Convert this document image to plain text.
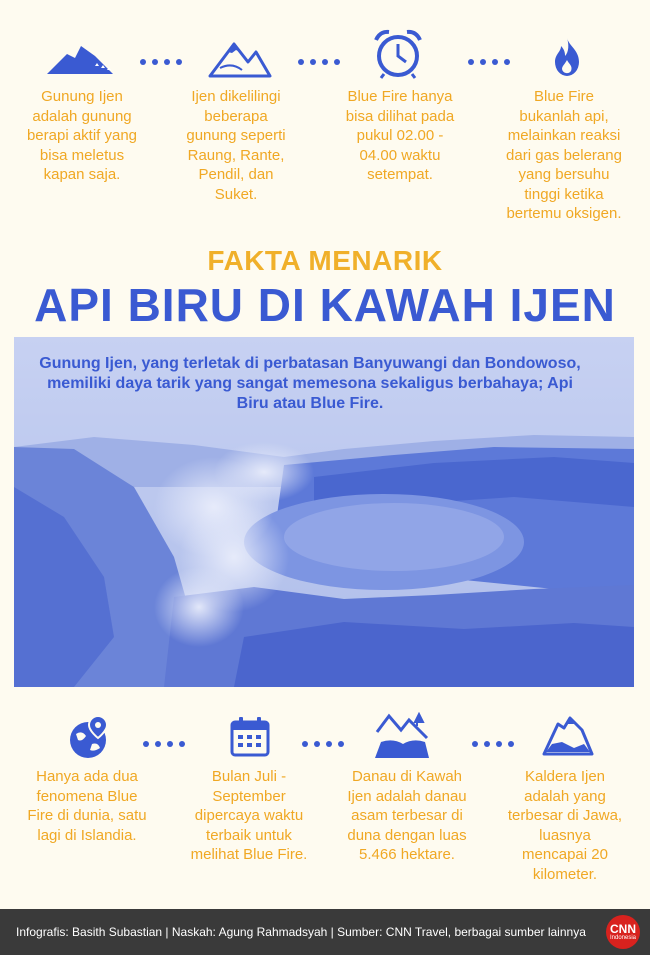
Gunung Ijen adalah gunung berapi aktif yang bisa meletus kapan saja.
Ijen dikelilingi beberapa gunung seperti Raung, Rante, Pendil, dan Suket.
Blue Fire hanya bisa dilihat pada pukul 02.00 - 04.00 waktu setempat.
Blue Fire bukanlah api, melainkan reaksi dari gas belerang yang bersuhu tinggi ketika bertemu oksigen.
FAKTA MENARIK
API BIRU DI KAWAH IJEN
Gunung Ijen, yang terletak di perbatasan Banyuwangi dan Bondowoso, memiliki daya tarik yang sangat memesona sekaligus berbahaya; Api Biru atau Blue Fire.
Hanya ada dua fenomena Blue Fire di dunia, satu lagi di Islandia.
Bulan Juli - September dipercaya waktu terbaik untuk melihat Blue Fire.
Danau di Kawah Ijen adalah danau asam terbesar di duna dengan luas 5.466 hektare.
Kaldera Ijen adalah yang terbesar di Jawa, luasnya mencapai 20 kilometer.
Infografis: Basith Subastian | Naskah: Agung Rahmadsyah | Sumber: CNN Travel, berbagai sumber lainnya	CNN
Indonesia
